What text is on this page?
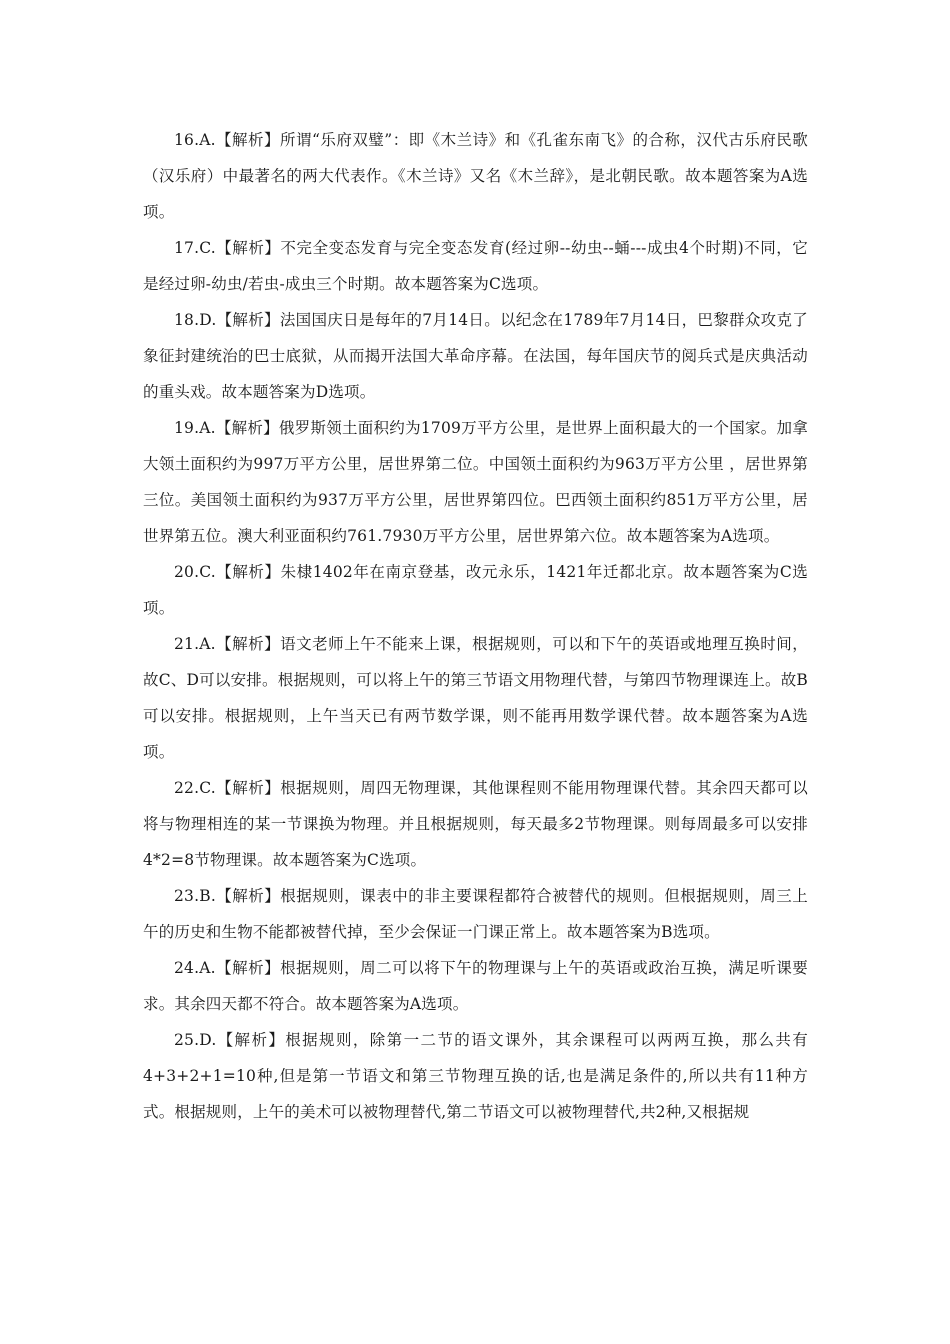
16.A.【解析】所谓“乐府双璧”：即《木兰诗》和《孔雀东南飞》的合称，汉代古乐府民歌（汉乐府）中最著名的两大代表作。《木兰诗》又名《木兰辞》，是北朝民歌。故本题答案为A选项。

17.C.【解析】不完全变态发育与完全变态发育(经过卵--幼虫--蛹---成虫4个时期)不同，它是经过卵-幼虫/若虫-成虫三个时期。故本题答案为C选项。

18.D.【解析】法国国庆日是每年的7月14日。以纪念在1789年7月14日，巴黎群众攻克了象征封建统治的巴士底狱，从而揭开法国大革命序幕。在法国，每年国庆节的阅兵式是庆典活动的重头戏。故本题答案为D选项。

19.A.【解析】俄罗斯领土面积约为1709万平方公里，是世界上面积最大的一个国家。加拿大领土面积约为997万平方公里，居世界第二位。中国领土面积约为963万平方公里 ，居世界第三位。美国领土面积约为937万平方公里，居世界第四位。巴西领土面积约851万平方公里，居世界第五位。澳大利亚面积约761.7930万平方公里，居世界第六位。故本题答案为A选项。

20.C.【解析】朱棣1402年在南京登基，改元永乐，1421年迁都北京。故本题答案为C选项。

21.A.【解析】语文老师上午不能来上课，根据规则，可以和下午的英语或地理互换时间，故C、D可以安排。根据规则，可以将上午的第三节语文用物理代替，与第四节物理课连上。故B可以安排。根据规则，上午当天已有两节数学课，则不能再用数学课代替。故本题答案为A选项。

22.C.【解析】根据规则，周四无物理课，其他课程则不能用物理课代替。其余四天都可以将与物理相连的某一节课换为物理。并且根据规则，每天最多2节物理课。则每周最多可以安排4*2=8节物理课。故本题答案为C选项。

23.B.【解析】根据规则，课表中的非主要课程都符合被替代的规则。但根据规则，周三上午的历史和生物不能都被替代掉，至少会保证一门课正常上。故本题答案为B选项。

24.A.【解析】根据规则，周二可以将下午的物理课与上午的英语或政治互换，满足听课要求。其余四天都不符合。故本题答案为A选项。

25.D.【解析】根据规则，除第一二节的语文课外，其余课程可以两两互换，那么共有4+3+2+1=10种,但是第一节语文和第三节物理互换的话,也是满足条件的,所以共有11种方式。根据规则，上午的美术可以被物理替代,第二节语文可以被物理替代,共2种,又根据规
